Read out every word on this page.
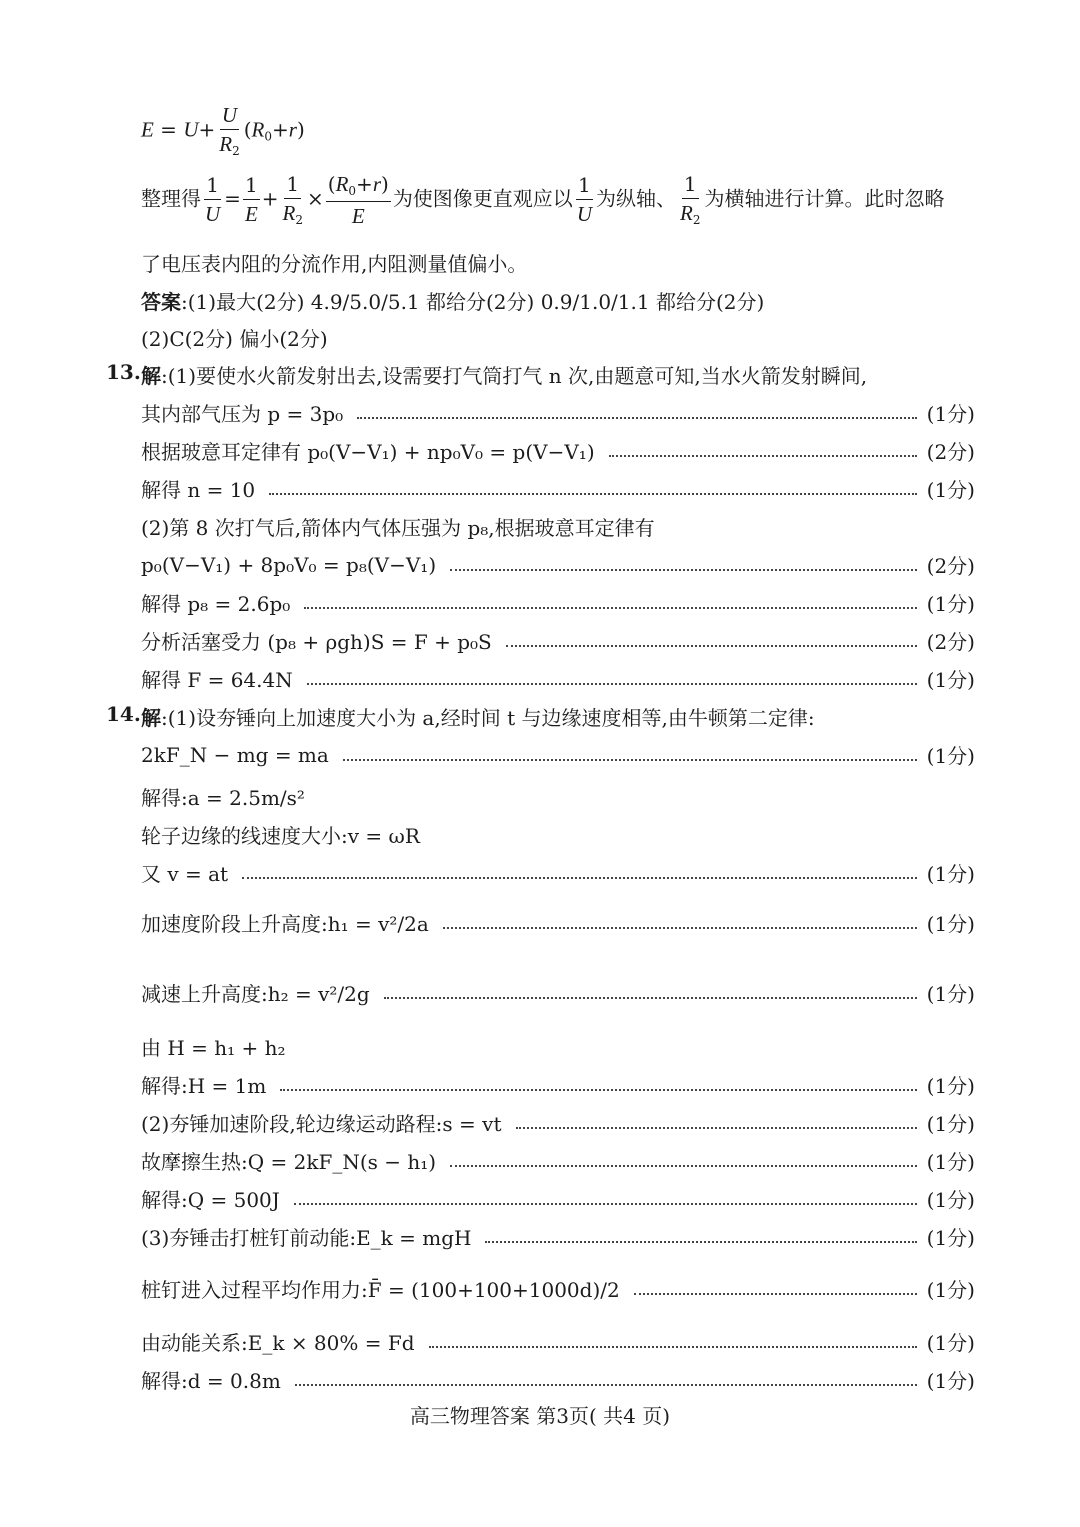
$E = U+ \frac{U}{R_2} (R_0+r)$
整理得 $\frac{1}{U} = \frac{1}{E} + \frac{1}{R_2} \times \frac{(R_0+r)}{E}$ 为使图像更直观应以 $\frac{1}{U}$ 为纵轴、 $\frac{1}{R_2}$ 为横轴进行计算。此时忽略
了电压表内阻的分流作用,内阻测量值偏小。
答案:(1)最大(2分) 4.9/5.0/5.1 都给分(2分) 0.9/1.0/1.1 都给分(2分)
(2)C(2分) 偏小(2分)
13. 解:(1)要使水火箭发射出去,设需要打气筒打气 n 次,由题意可知,当水火箭发射瞬间,
其内部气压为 p = 3p₀	(1分)
根据玻意耳定律有 p₀(V−V₁) + np₀V₀ = p(V−V₁)	(2分)
解得 n = 10	(1分)
(2)第 8 次打气后,箭体内气体压强为 p₈,根据玻意耳定律有
p₀(V−V₁) + 8p₀V₀ = p₈(V−V₁)	(2分)
解得 p₈ = 2.6p₀	(1分)
分析活塞受力 (p₈ + ρgh)S = F + p₀S	(2分)
解得 F = 64.4N	(1分)
14. 解:(1)设夯锤向上加速度大小为 a,经时间 t 与边缘速度相等,由牛顿第二定律:
2kF_N − mg = ma	(1分)
解得:a = 2.5m/s²
轮子边缘的线速度大小:v = ωR
又 v = at	(1分)
加速度阶段上升高度:h₁ = v²/2a	(1分)
减速上升高度:h₂ = v²/2g	(1分)
由 H = h₁ + h₂
解得:H = 1m	(1分)
(2)夯锤加速阶段,轮边缘运动路程:s = vt	(1分)
故摩擦生热:Q = 2kF_N(s − h₁)	(1分)
解得:Q = 500J	(1分)
(3)夯锤击打桩钉前动能:E_k = mgH	(1分)
桩钉进入过程平均作用力:F̄ = (100+100+1000d)/2	(1分)
由动能关系:E_k × 80% = Fd	(1分)
解得:d = 0.8m	(1分)
高三物理答案 第3页( 共4 页)
